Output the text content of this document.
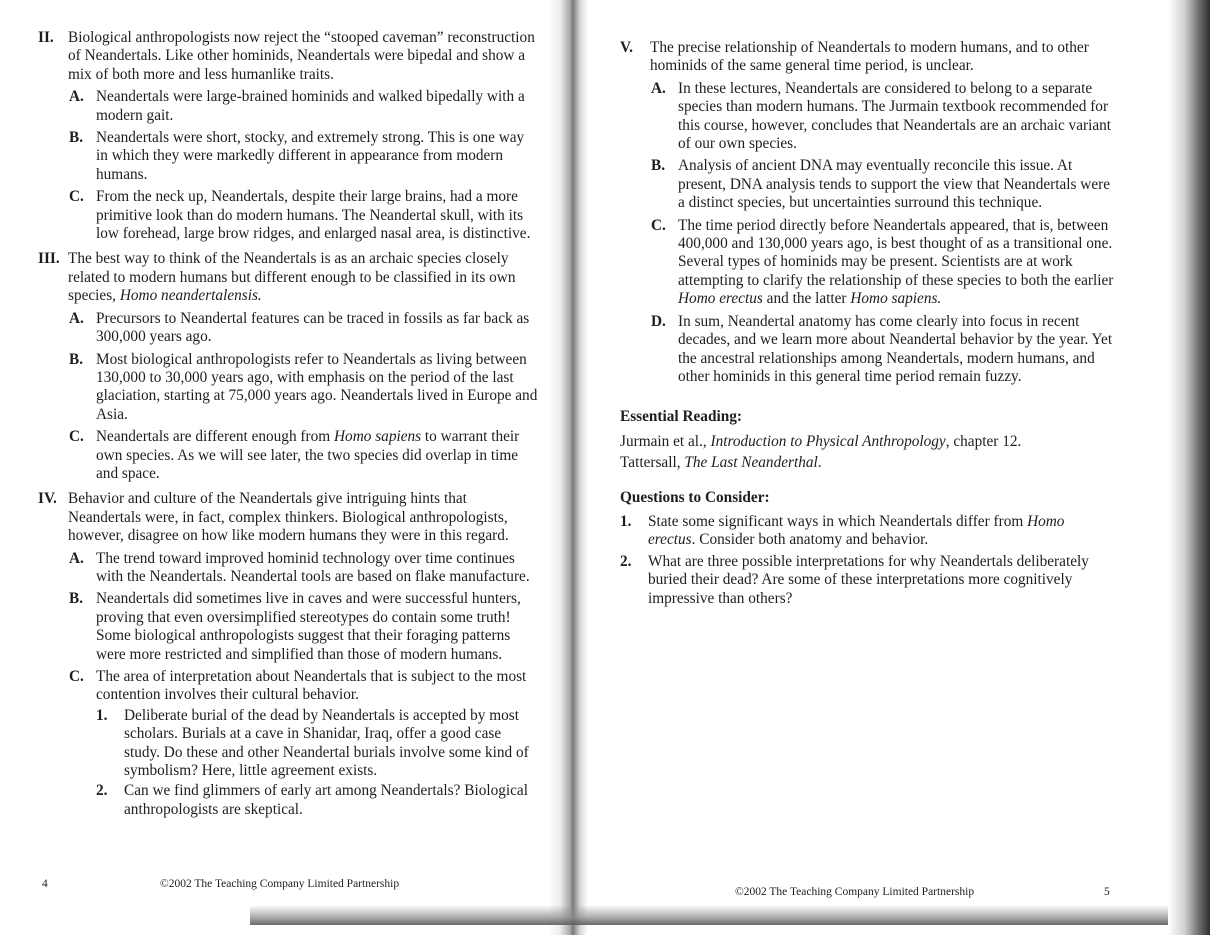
II. Biological anthropologists now reject the “stooped caveman” reconstruction of Neandertals. Like other hominids, Neandertals were bipedal and show a mix of both more and less humanlike traits.

A. Neandertals were large-brained hominids and walked bipedally with a modern gait.

B. Neandertals were short, stocky, and extremely strong. This is one way in which they were markedly different in appearance from modern humans.

C. From the neck up, Neandertals, despite their large brains, had a more primitive look than do modern humans. The Neandertal skull, with its low forehead, large brow ridges, and enlarged nasal area, is distinctive.

III. The best way to think of the Neandertals is as an archaic species closely related to modern humans but different enough to be classified in its own species, Homo neandertalensis.

A. Precursors to Neandertal features can be traced in fossils as far back as 300,000 years ago.

B. Most biological anthropologists refer to Neandertals as living between 130,000 to 30,000 years ago, with emphasis on the period of the last glaciation, starting at 75,000 years ago. Neandertals lived in Europe and Asia.

C. Neandertals are different enough from Homo sapiens to warrant their own species. As we will see later, the two species did overlap in time and space.

IV. Behavior and culture of the Neandertals give intriguing hints that Neandertals were, in fact, complex thinkers. Biological anthropologists, however, disagree on how like modern humans they were in this regard.

A. The trend toward improved hominid technology over time continues with the Neandertals. Neandertal tools are based on flake manufacture.

B. Neandertals did sometimes live in caves and were successful hunters, proving that even oversimplified stereotypes do contain some truth! Some biological anthropologists suggest that their foraging patterns were more restricted and simplified than those of modern humans.

C. The area of interpretation about Neandertals that is subject to the most contention involves their cultural behavior.

1. Deliberate burial of the dead by Neandertals is accepted by most scholars. Burials at a cave in Shanidar, Iraq, offer a good case study. Do these and other Neandertal burials involve some kind of symbolism? Here, little agreement exists.

2. Can we find glimmers of early art among Neandertals? Biological anthropologists are skeptical.

4	©2002 The Teaching Company Limited Partnership

V. The precise relationship of Neandertals to modern humans, and to other hominids of the same general time period, is unclear.

A. In these lectures, Neandertals are considered to belong to a separate species than modern humans. The Jurmain textbook recommended for this course, however, concludes that Neandertals are an archaic variant of our own species.

B. Analysis of ancient DNA may eventually reconcile this issue. At present, DNA analysis tends to support the view that Neandertals were a distinct species, but uncertainties surround this technique.

C. The time period directly before Neandertals appeared, that is, between 400,000 and 130,000 years ago, is best thought of as a transitional one. Several types of hominids may be present. Scientists are at work attempting to clarify the relationship of these species to both the earlier Homo erectus and the latter Homo sapiens.

D. In sum, Neandertal anatomy has come clearly into focus in recent decades, and we learn more about Neandertal behavior by the year. Yet the ancestral relationships among Neandertals, modern humans, and other hominids in this general time period remain fuzzy.

Essential Reading:

Jurmain et al., Introduction to Physical Anthropology, chapter 12.

Tattersall, The Last Neanderthal.

Questions to Consider:

1. State some significant ways in which Neandertals differ from Homo erectus. Consider both anatomy and behavior.

2. What are three possible interpretations for why Neandertals deliberately buried their dead? Are some of these interpretations more cognitively impressive than others?

©2002 The Teaching Company Limited Partnership	5
